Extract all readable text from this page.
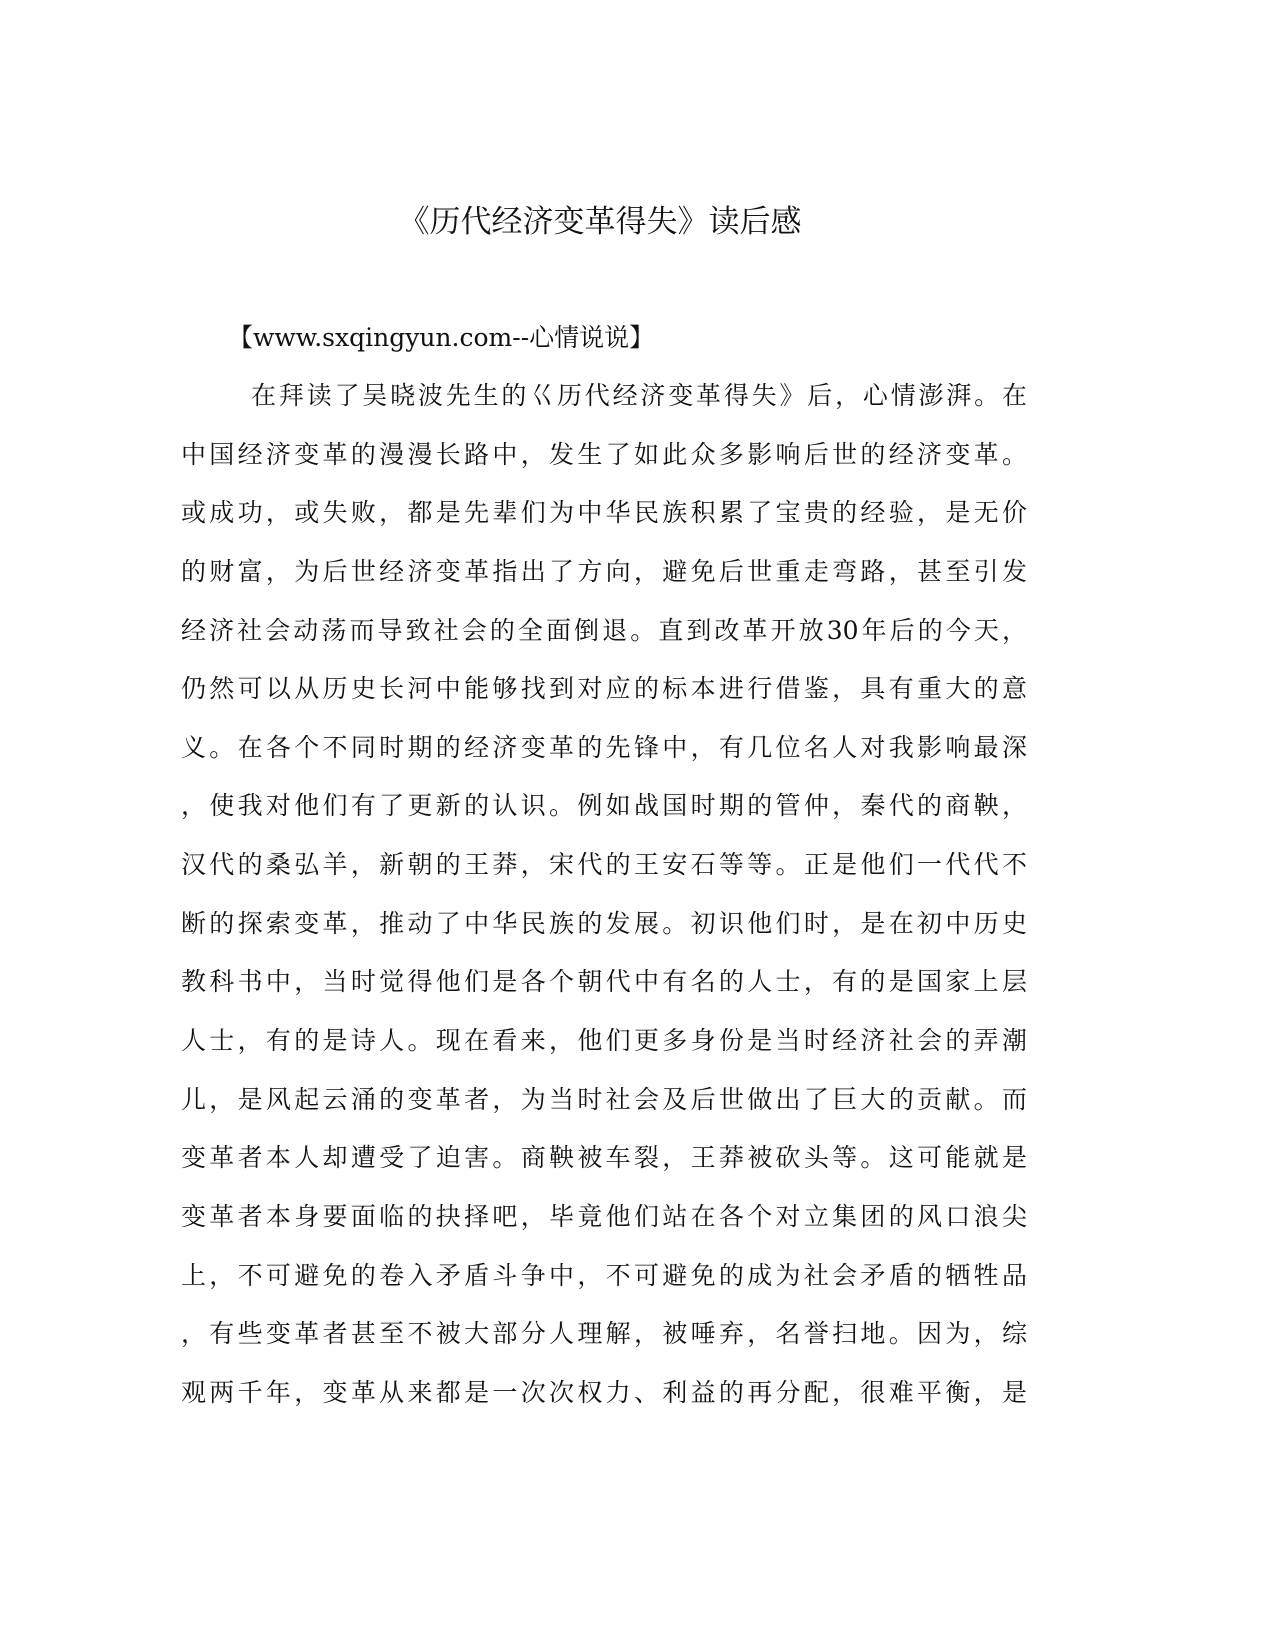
《历代经济变革得失》读后感
【www.sxqingyun.com--心情说说】
在拜读了吴晓波先生的巜历代经济变革得失》后，心情澎湃。在
中国经济变革的漫漫长路中，发生了如此众多影响后世的经济变革。
或成功，或失败，都是先辈们为中华民族积累了宝贵的经验，是无价
的财富，为后世经济变革指出了方向，避免后世重走弯路，甚至引发
经济社会动荡而导致社会的全面倒退。直到改革开放30年后的今天，
仍然可以从历史长河中能够找到对应的标本进行借鉴，具有重大的意
义。在各个不同时期的经济变革的先锋中，有几位名人对我影响最深
，使我对他们有了更新的认识。例如战国时期的管仲，秦代的商鞅，
汉代的桑弘羊，新朝的王莽，宋代的王安石等等。正是他们一代代不
断的探索变革，推动了中华民族的发展。初识他们时，是在初中历史
教科书中，当时觉得他们是各个朝代中有名的人士，有的是国家上层
人士，有的是诗人。现在看来，他们更多身份是当时经济社会的弄潮
儿，是风起云涌的变革者，为当时社会及后世做出了巨大的贡献。而
变革者本人却遭受了迫害。商鞅被车裂，王莽被砍头等。这可能就是
变革者本身要面临的抉择吧，毕竟他们站在各个对立集团的风口浪尖
上，不可避免的卷入矛盾斗争中，不可避免的成为社会矛盾的牺牲品
，有些变革者甚至不被大部分人理解，被唾弃，名誉扫地。因为，综
观两千年，变革从来都是一次次权力、利益的再分配，很难平衡，是
